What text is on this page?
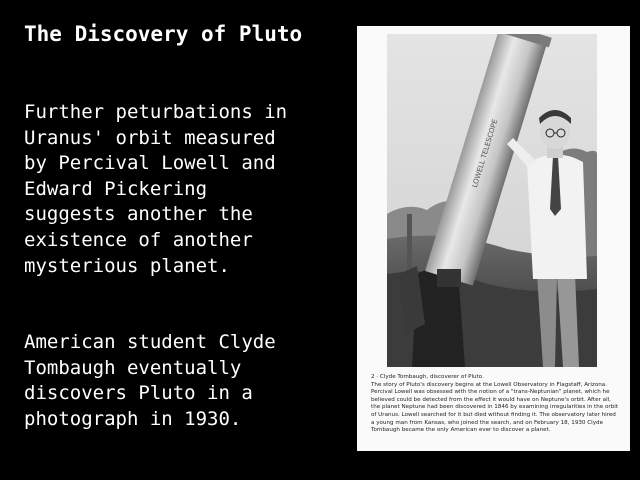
The Discovery of Pluto
Further peturbations in
Uranus' orbit measured
by Percival Lowell and
Edward Pickering
suggests another the
existence of another
mysterious planet.
American student Clyde
Tombaugh eventually
discovers Pluto in a
photograph in 1930.
LOWELL TELESCOPE
2 · Clyde Tombaugh, discoverer of Pluto.
The story of Pluto's discovery begins at the Lowell Observatory in Flagstaff, Arizona. Percival Lowell was obsessed with the notion of a "trans-Neptunian" planet, which he believed could be detected from the effect it would have on Neptune's orbit. After all, the planet Neptune had been discovered in 1846 by examining irregularities in the orbit of Uranus. Lowell searched for it but died without finding it. The observatory later hired a young man from Kansas, who joined the search, and on February 18, 1930 Clyde Tombaugh became the only American ever to discover a planet.
